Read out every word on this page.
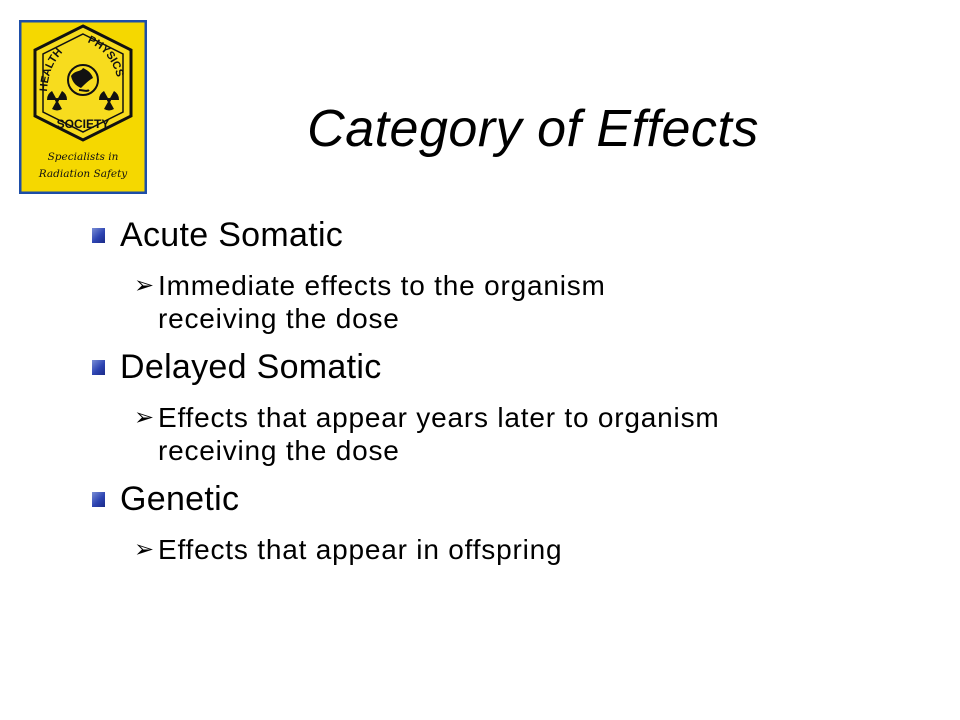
HEALTH
PHYSICS
SOCIETY
Specialists in
Radiation Safety
Category of Effects
Acute Somatic
➢ Immediate effects to the organism
receiving the dose
Delayed Somatic
➢ Effects that appear years later to organism
receiving the dose
Genetic
➢ Effects that appear in offspring
